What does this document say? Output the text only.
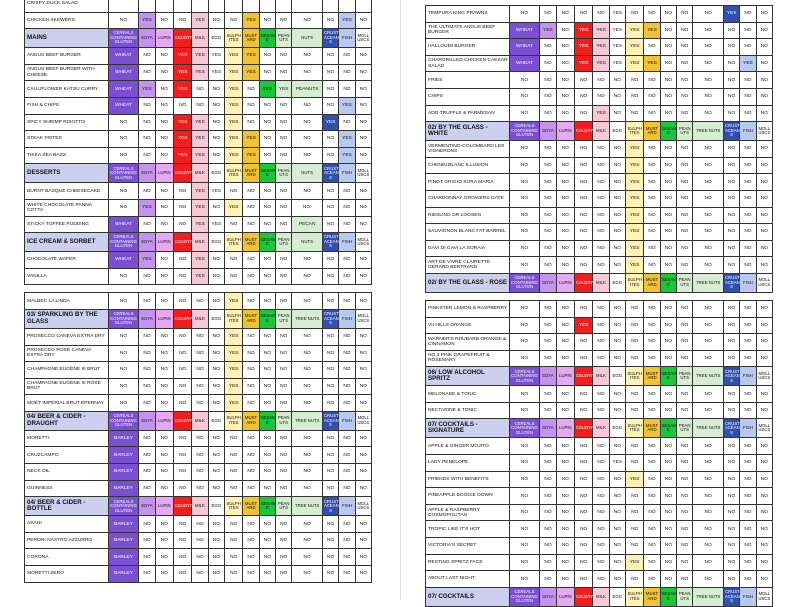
CRISPY DUCK SALAD														
CHICKEN SKEWERS	NO	YES	NO	NO	YES	NO	NO	YES	NO	NO	NO	NO	YES	NO
MAINS	CEREALS CONTAINING GLUTEN	SOYA	LUPIN	CELERY	MILK	EGG	SULPH ITES	MUST ARD	SESAM E	PEAN UTS	NUTS	CRUST ACEAN S	FISH	MOLL USCS
ANGUS BEEF BURGER	WHEAT	NO	NO	YES	YES	YES	YES	YES	NO	NO	NO	NO	NO	NO
ANGUS BEEF BURGER WITH CHEESE	WHEAT	NO	NO	YES	YES	YES	YES	YES	NO	NO	NO	NO	NO	NO
CAULIFLOWER KATSU CURRY	WHEAT	YES	NO	YES	NO	NO	YES	NO	YES	YES	PEANUTS	NO	NO	NO
FISH & CHIPS	WHEAT	NO	NO	NO	NO	NO	YES	NO	NO	NO	NO	NO	YES	NO
SPICY SHRIMP RISOTTO	NO	NO	NO	YES	YES	NO	YES	NO	NO	NO	NO	YES	NO	NO
STEAK FRITES	NO	NO	NO	YES	YES	NO	YES	YES	NO	NO	NO	NO	YES	NO
TIKKA SEA BASS	NO	NO	NO	YES	YES	NO	YES	YES	NO	NO	NO	NO	YES	NO
DESSERTS	CEREALS CONTAINING GLUTEN	SOYA	LUPIN	CELERY	MILK	EGG	SULPH ITES	MUST ARD	SESAM E	PEAN UTS	NUTS	CRUST ACEAN S	FISH	MOLL USCS
BURNT BASQUE CHEESECAKE	NO	NO	NO	NO	YES	YES	NO	NO	NO	NO	NO	NO	NO	NO
WHITE CHOCOLATE PANNA COTTA	NO	YES	NO	NO	YES	NO	YES	NO	NO	NO	NO:	NO	NO	NO
STICKY TOFFEE PUDDING	WHEAT	NO	NO	NO	YES	YES	NO	NO	NO	NO	PECAN	NO	NO	NO
ICE CREAM & SORBET	CEREALS CONTAINING GLUTEN	SOYA	LUPIN	CELERY	MILK	EGG	SULPH ITES	MUST ARD	SESAM E	PEAN UTS	NUTS	CRUST ACEAN S	FISH	MOLL USCS
CHOCOLATE WAFER	WHEAT	YES	NO	NO	YES	NO	NO	NO	NO	NO	NO	NO	NO	NO
VANILLA	NO	NO	NO	NO	YES	NO	NO	NO	NO	NO	NO	NO	NO	NO

MALBEC LA LINDA	NO	NO	NO	NO	NO	NO	YES	NO	NO	NO	NO	NO	NO	NO
03/ SPARKLING BY THE GLASS	CEREALS CONTAINING GLUTEN	SOYA	LUPIN	CELERY	MILK	EGG	SULPH ITES	MUST ARD	SESAM E	PEAN UTS	TREE NUTS	CRUST ACEAN S	FISH	MOLL USCS
PROSECCO CANEVA EXTRA DRY	NO	NO	NO	NO	NO	NO	YES	NO	NO	NO	NO	NO	NO	NO
PROSECCO ROSÉ CANEVA EXTRA DRY	NO	NO	NO	NO	NO	NO	YES	NO	NO	NO	NO	NO	NO	NO
CHAMPAGNE EUGÈNE III BRUT	NO	NO	NO	NO	NO	NO	YES	NO	NO	NO	NO	NO	NO	NO
CHAMPAGNE EUGÈNE III ROSÉ BRUT	NO	NO	NO	NO	NO	NO	YES	NO	NO	NO	NO	NO	NO	NO
MOËT IMPÉRIAL BRUT ÉPERNAY	NO	NO	NO	NO	NO	NO	YES	NO	NO	NO	NO	NO	NO	NO
04/ BEER & CIDER - DRAUGHT	CEREALS CONTAINING GLUTEN	SOYA	LUPIN	CELERY	MILK	EGG	SULPH ITES	MUST ARD	SESAM E	PEAN UTS	TREE NUTS	CRUST ACEAN S	FISH	MOLL USCS
MORETTI	BARLEY	NO	NO	NO	NO	NO	NO	NO	NO	NO	NO	NO	NO	NO
CRUZCAMPO	BARLEY	NO	NO	NO	NO	NO	NO	NO	NO	NO	NO	NO	NO	NO
NECK OIL	BARLEY	NO	NO	NO	NO	NO	NO	NO	NO	NO	NO	NO	NO	NO
GUINNESS	BARLEY	NO	NO	NO	NO	NO	NO	NO	NO	NO	NO	NO	NO	NO
04/ BEER & CIDER - BOTTLE	CEREALS CONTAINING GLUTEN	SOYA	LUPIN	CELERY	MILK	EGG	SULPH ITES	MUST ARD	SESAM E	PEAN UTS	TREE NUTS	CRUST ACEAN S	FISH	MOLL USCS
ASAHI	BARLEY	NO	NO	NO	NO	NO	NO	NO	NO	NO	NO	NO	NO	NO
PERONI NASTRO AZZURRO	BARLEY	NO	NO	NO	NO	NO	NO	NO	NO	NO	NO	NO	NO	NO
CORONA	BARLEY	NO	NO	NO	NO	NO	NO	NO	NO	NO	NO	NO	NO	NO
MORETTI ZERO	BARLEY	NO	NO	NO	NO	NO	NO	NO	NO	NO	NO	NO	NO	NO
TEMPURA KING PRAWNS	NO	NO	NO	NO	NO	YES	NO	NO	NO	NO	NO	YES	NO	NO
THE ULTIMATE ANGUS BEEF BURGER	WHEAT	YES	NO	YES	YES	YES	YES	YES	NO	NO	NO	NO	NO	NO
HALLOUMI BURGER	WHEAT	NO	NO	YES	YES	YES	YES	NO	NO	NO	NO	NO	NO	NO
CHARGRILLED CHICKEN CAESAR SALAD	WHEAT	NO	NO	YES	YES	YES	YES	YES	NO	NO	NO	NO	YES	NO
FRIES	NO	NO	NO	NO	NO	NO	NO	NO	NO	NO	NO	NO	NO	NO
CHIPS	NO	NO	NO	NO	NO	NO	NO	NO	NO	NO	NO	NO	NO	NO
ADD TRUFFLE & PARMESAN	NO	NO	NO	NO	YES	NO	NO	NO	NO	NO	NO	NO	NO	NO
02/ BY THE GLASS - WHITE	CEREALS CONTAINING GLUTEN	SOYA	LUPIN	CELERY	MILK	EGG	SULPH ITES	MUST ARD	SESAM E	PEAN UTS	TREE NUTS	CRUST ACEAN S	FISH	MOLL USCS
VERMENTINO-COLOMBARD LES VIGNERONS	NO	NO	NO	NO	NO	NO	YES	NO	NO	NO	NO	NO	NO	NO
CHENIN BLANC ILLUSION	NO	NO	NO	NO	NO	NO	YES	NO	NO	NO	NO	NO	NO	NO
PINOT GRIGIO SORA MARIA	NO	NO	NO	NO	NO	NO	YES	NO	NO	NO	NO	NO	NO	NO
CHARDONNAY GROWERS GATE	NO	NO	NO	NO	NO	NO	YES	NO	NO	NO	NO	NO	NO	NO
RIESLING DR LOOSEN	NO	NO	NO	NO	NO	NO	YES	NO	NO	NO	NO	NO	NO	NO
SAUVIGNON BLANC FAT BARREL	NO	NO	NO	NO	NO	NO	YES	NO	NO	NO	NO	NO	NO	NO
GAVI DI GAVI LA SORAIA	NO	NO	NO	NO	NO	NO	YES	NO	NO	NO	NO	NO	NO	NO
ART DE VIVRE CLAIRETTE GERARD BERTRAND	NO	NO	NO	NO	NO	NO	YES	NO	NO	NO	NO	NO	NO	NO
02/ BY THE GLASS - ROSE	CEREALS CONTAINING GLUTEN	SOYA	LUPIN	CELERY	MILK	EGG	SULPH ITES	MUST ARD	SESAM E	PEAN UTS	TREE NUTS	CRUST ACEAN S	FISH	MOLL USCS

PINKSTER LEMON & RASPBERRY	NO	NO	NO	NO	NO	NO	NO	NO	NO	NO	NO	NO	NO	NO
VII HILLS ORANGE	NO	NO	NO	YES	NO	NO	NO	NO	NO	NO	NO	NO	NO	NO
WARNER'S RHUBARB ORANGE & CINNAMON	NO	NO	NO	NO	NO	NO	NO	NO	NO	NO	NO	NO	NO	NO
NO.3 PINK GRAPEFRUIT & ROSEMARY	NO	NO	NO	NO	NO	NO	NO	NO	NO	NO	NO	NO	NO	NO
06/ LOW ALCOHOL SPRITZ	CEREALS CONTAINING GLUTEN	SOYA	LUPIN	CELERY	MILK	EGG	SULPH ITES	MUST ARD	SESAM E	PEAN UTS	TREE NUTS	CRUST ACEAN S	FISH	MOLL USCS
MELONADE & TONIC	NO	NO	NO	NO	NO	NO	NO	NO	NO	NO	NO	NO	NO	NO
NECTARINE & TONIC	NO	NO	NO	NO	NO	NO	NO	NO	NO	NO	NO	NO	NO	NO
07/ COCKTAILS - SIGNATURE	CEREALS CONTAINING GLUTEN	SOYA	LUPIN	CELERY	MILK	EGG	SULPH ITES	MUST ARD	SESAM E	PEAN UTS	TREE NUTS	CRUST ACEAN S	FISH	MOLL USCS
APPLE & GINGER MOJITO	NO	NO	NO	NO	NO	NO	NO	NO	NO	NO	NO	NO	NO	NO
LADY PENELOPE	NO	NO	NO	NO	NO	YES	NO	NO	NO	NO	NO	NO	NO	NO
FRIENDS WITH BENEFITS	NO	NO	NO	NO	NO	NO	YES	NO	NO	NO	NO	NO	NO	NO
PINEAPPLE BOOGIE DOWN	NO	NO	NO	NO	NO	NO	NO	NO	NO	NO	NO	NO	NO	NO
APPLE & RASPBERRY COSMOPOLITAN	NO	NO	NO	NO	NO	NO	NO	NO	NO	NO	NO	NO	NO	NO
TROPIC LIKE IT'S HOT	NO	NO	NO	NO	NO	NO	NO	NO	NO	NO	NO	NO	NO	NO
VICTORIA'S SECRET	NO	NO	NO	NO	NO	NO	NO	NO	NO	NO	NO	NO	NO	NO
RESTING SPRITZ FACE	NO	NO	NO	NO	NO	NO	YES	NO	NO	NO	NO	NO	NO	NO
ABOUT LAST NIGHT	NO	NO	NO	NO	NO	NO	NO	NO	NO	NO	NO	NO	NO	NO
07/ COCKTAILS	CEREALS CONTAINING GLUTEN	SOYA	LUPIN	CELERY	MILK	EGG	SULPH ITES	MUST ARD	SESAM E	PEAN UTS	TREE NUTS	CRUST ACEAN S	FISH	MOLL USCS
